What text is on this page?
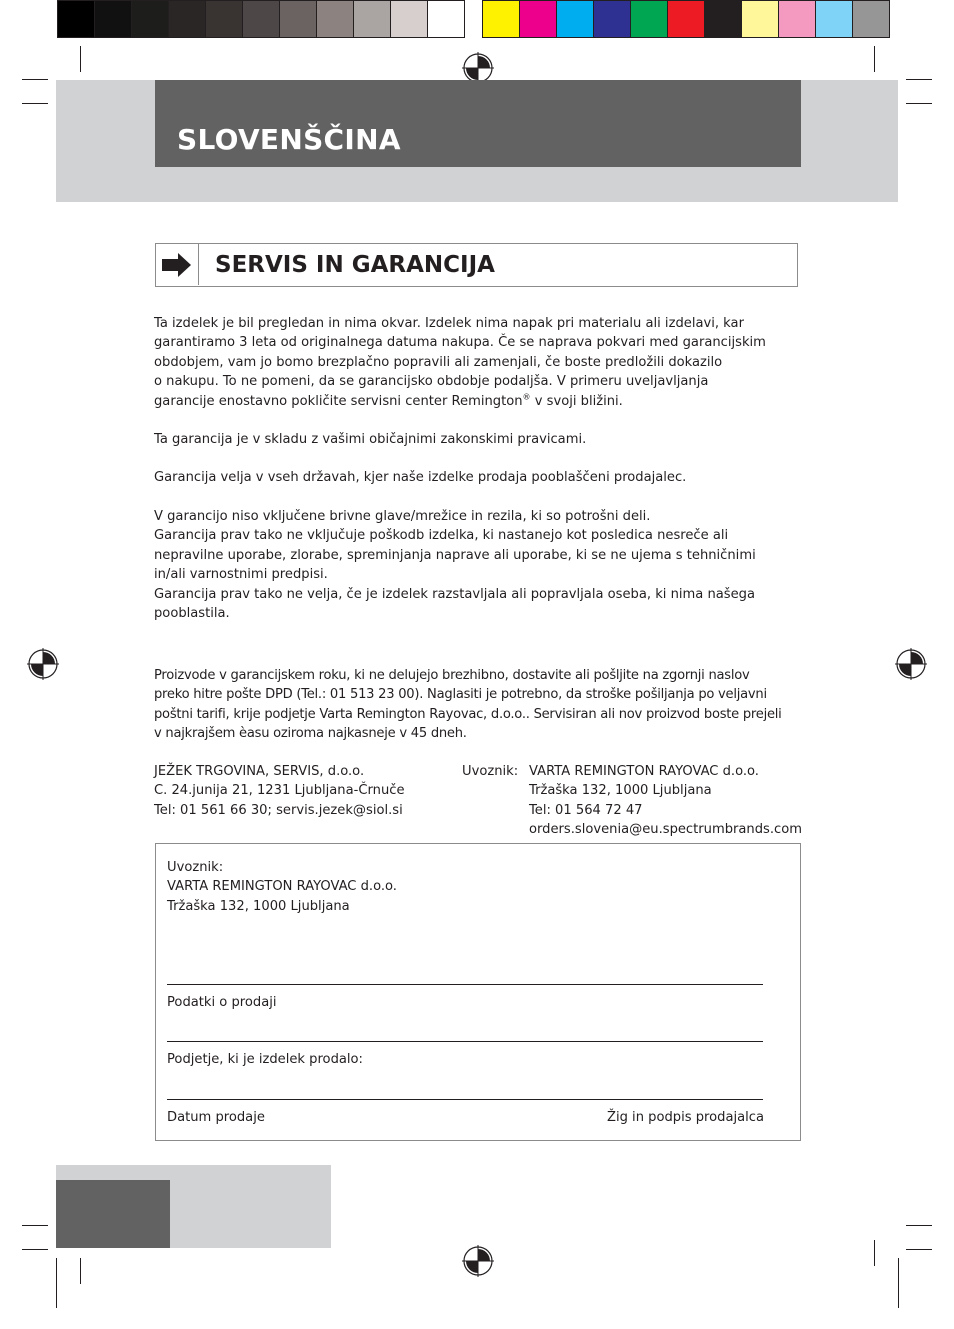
SLOVENŠČINA
SERVIS IN GARANCIJA

Ta izdelek je bil pregledan in nima okvar. Izdelek nima napak pri materialu ali izdelavi, kar
garantiramo 3 leta od originalnega datuma nakupa. Če se naprava pokvari med garancijskim
obdobjem, vam jo bomo brezplačno popravili ali zamenjali, če boste predložili dokazilo
o nakupu. To ne pomeni, da se garancijsko obdobje podaljša. V primeru uveljavljanja
garancije enostavno pokličite servisni center Remington® v svoji bližini.

Ta garancija je v skladu z vašimi običajnimi zakonskimi pravicami.

Garancija velja v vseh državah, kjer naše izdelke prodaja pooblaščeni prodajalec.

V garancijo niso vključene brivne glave/mrežice in rezila, ki so potrošni deli.
Garancija prav tako ne vključuje poškodb izdelka, ki nastanejo kot posledica nesreče ali
nepravilne uporabe, zlorabe, spreminjanja naprave ali uporabe, ki se ne ujema s tehničnimi
in/ali varnostnimi predpisi.
Garancija prav tako ne velja, če je izdelek razstavljala ali popravljala oseba, ki nima našega
pooblastila.

Proizvode v garancijskem roku, ki ne delujejo brezhibno, dostavite ali pošljite na zgornji naslov
preko hitre pošte DPD (Tel.: 01 513 23 00). Naglasiti je potrebno, da stroške pošiljanja po veljavni
poštni tarifi, krije podjetje Varta Remington Rayovac, d.o.o.. Servisiran ali nov proizvod boste prejeli
v najkrajšem èasu oziroma najkasneje v 45 dneh.

JEŽEK TRGOVINA, SERVIS, d.o.o.
C. 24.junija 21, 1231 Ljubljana-Črnuče
Tel: 01 561 66 30; servis.jezek@siol.si
Uvoznik: VARTA REMINGTON RAYOVAC d.o.o.
Tržaška 132, 1000 Ljubljana
Tel: 01 564 72 47
orders.slovenia@eu.spectrumbrands.com
Uvoznik:
VARTA REMINGTON RAYOVAC d.o.o.
Tržaška 132, 1000 Ljubljana
Podatki o prodaji
Podjetje, ki je izdelek prodalo:
Datum prodaje	Žig in podpis prodajalca
